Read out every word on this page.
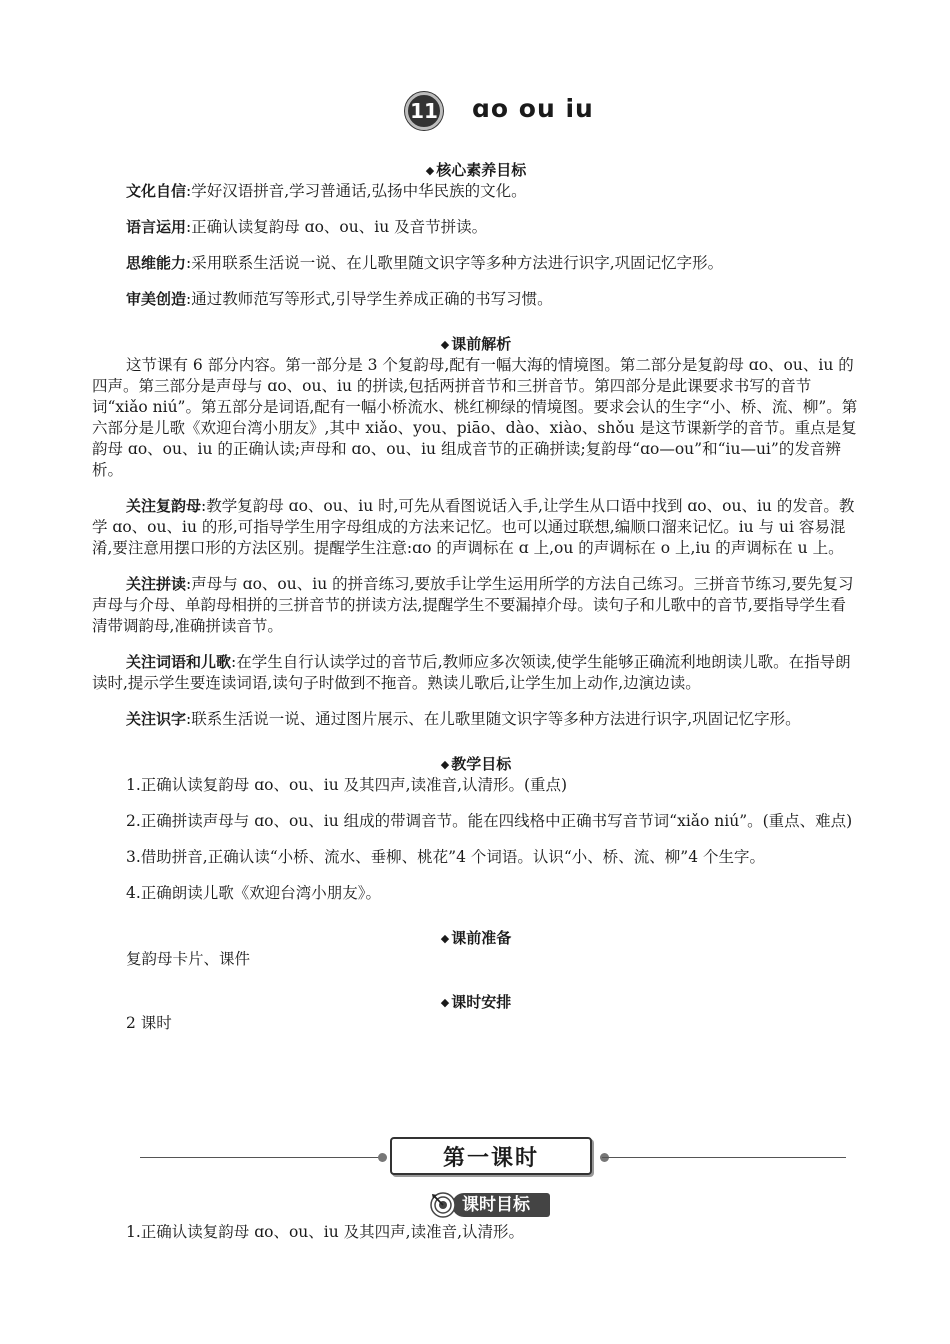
11 ɑo ou iu
◆ 核心素养目标

文化自信:学好汉语拼音,学习普通话,弘扬中华民族的文化。

语言运用:正确认读复韵母 ɑo、ou、iu 及音节拼读。

思维能力:采用联系生活说一说、在儿歌里随文识字等多种方法进行识字,巩固记忆字形。

审美创造:通过教师范写等形式,引导学生养成正确的书写习惯。

◆ 课前解析

这节课有 6 部分内容。第一部分是 3 个复韵母,配有一幅大海的情境图。第二部分是复韵母 ɑo、ou、iu 的四声。第三部分是声母与 ɑo、ou、iu 的拼读,包括两拼音节和三拼音节。第四部分是此课要求书写的音节词“xiǎo niú”。第五部分是词语,配有一幅小桥流水、桃红柳绿的情境图。要求会认的生字“小、桥、流、柳”。第六部分是儿歌《欢迎台湾小朋友》,其中 xiǎo、you、piāo、dào、xiào、shǒu 是这节课新学的音节。重点是复韵母 ɑo、ou、iu 的正确认读;声母和 ɑo、ou、iu 组成音节的正确拼读;复韵母“ɑo—ou”和“iu—ui”的发音辨析。

关注复韵母:教学复韵母 ɑo、ou、iu 时,可先从看图说话入手,让学生从口语中找到 ɑo、ou、iu 的发音。教学 ɑo、ou、iu 的形,可指导学生用字母组成的方法来记忆。也可以通过联想,编顺口溜来记忆。iu 与 ui 容易混淆,要注意用摆口形的方法区别。提醒学生注意:ɑo 的声调标在 ɑ 上,ou 的声调标在 o 上,iu 的声调标在 u 上。

关注拼读:声母与 ɑo、ou、iu 的拼音练习,要放手让学生运用所学的方法自己练习。三拼音节练习,要先复习声母与介母、单韵母相拼的三拼音节的拼读方法,提醒学生不要漏掉介母。读句子和儿歌中的音节,要指导学生看清带调韵母,准确拼读音节。

关注词语和儿歌:在学生自行认读学过的音节后,教师应多次领读,使学生能够正确流利地朗读儿歌。在指导朗读时,提示学生要连读词语,读句子时做到不拖音。熟读儿歌后,让学生加上动作,边演边读。

关注识字:联系生活说一说、通过图片展示、在儿歌里随文识字等多种方法进行识字,巩固记忆字形。

◆ 教学目标

1.正确认读复韵母 ɑo、ou、iu 及其四声,读准音,认清形。(重点)

2.正确拼读声母与 ɑo、ou、iu 组成的带调音节。能在四线格中正确书写音节词“xiǎo niú”。(重点、难点)

3.借助拼音,正确认读“小桥、流水、垂柳、桃花”4 个词语。认识“小、桥、流、柳”4 个生字。

4.正确朗读儿歌《欢迎台湾小朋友》。

◆ 课前准备

复韵母卡片、课件

◆ 课时安排

2 课时

第一课时
课时目标

1.正确认读复韵母 ɑo、ou、iu 及其四声,读准音,认清形。
